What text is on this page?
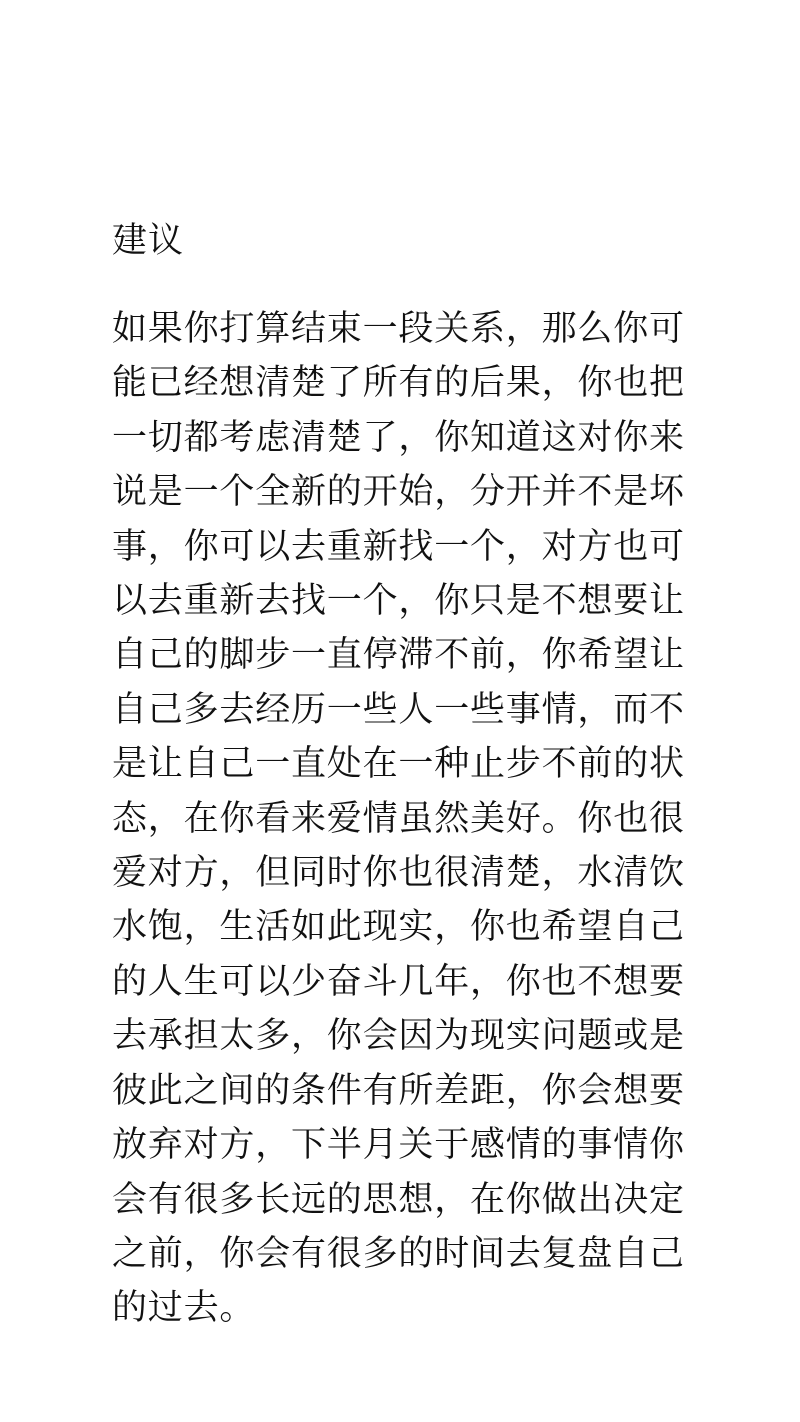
建议
如果你打算结束一段关系，那么你可
能已经想清楚了所有的后果，你也把
一切都考虑清楚了，你知道这对你来
说是一个全新的开始，分开并不是坏
事，你可以去重新找一个，对方也可
以去重新去找一个，你只是不想要让
自己的脚步一直停滞不前，你希望让
自己多去经历一些人一些事情，而不
是让自己一直处在一种止步不前的状
态，在你看来爱情虽然美好。你也很
爱对方，但同时你也很清楚，水清饮
水饱，生活如此现实，你也希望自己
的人生可以少奋斗几年，你也不想要
去承担太多，你会因为现实问题或是
彼此之间的条件有所差距，你会想要
放弃对方，下半月关于感情的事情你
会有很多长远的思想，在你做出决定
之前，你会有很多的时间去复盘自己
的过去。
